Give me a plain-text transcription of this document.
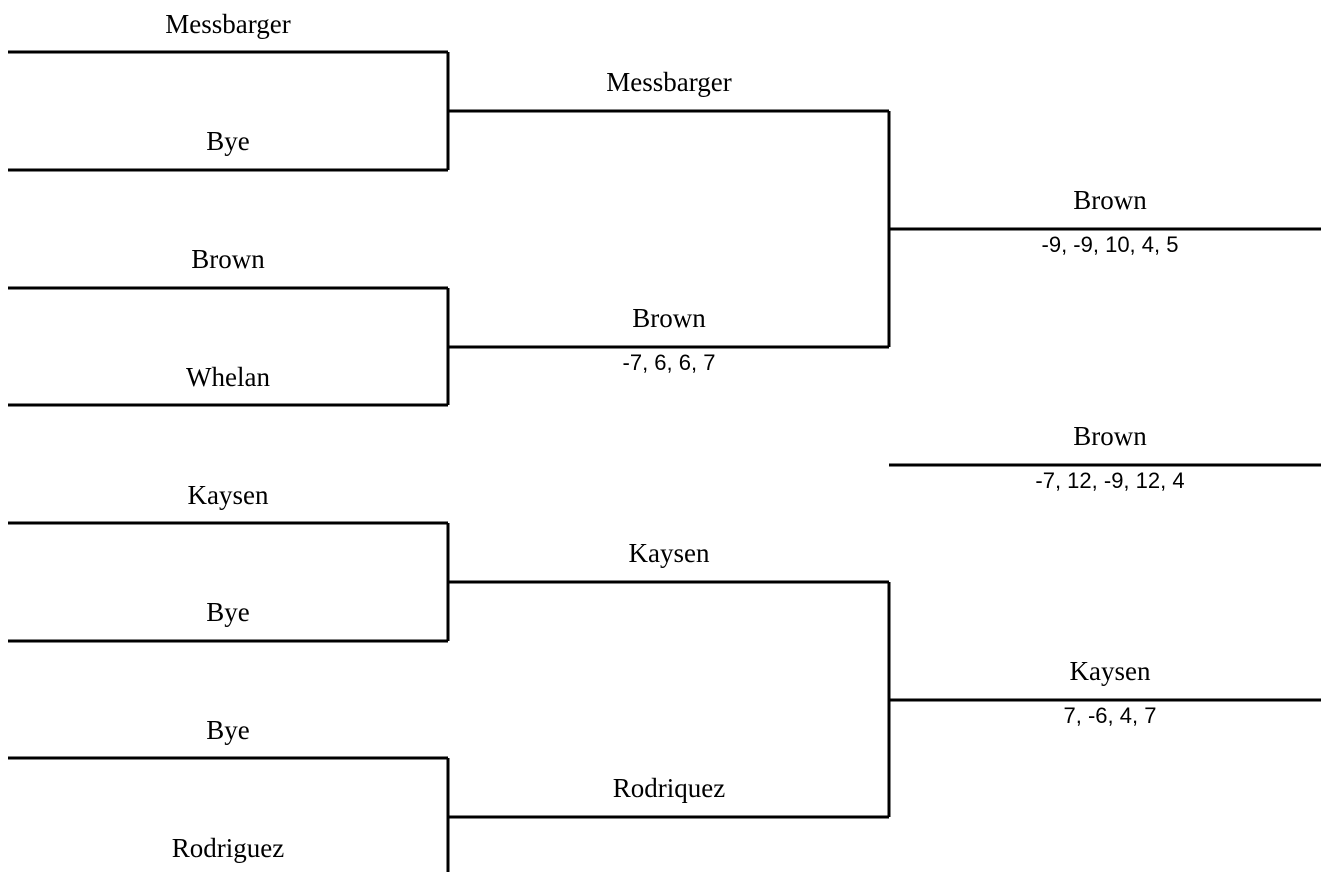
Messbarger
Bye
Brown
Whelan
Kaysen
Bye
Bye
Rodriguez
Messbarger
Brown
-7, 6, 6, 7
Kaysen
Rodriquez
Brown
-9, -9, 10, 4, 5
Brown
-7, 12, -9, 12, 4
Kaysen
7, -6, 4, 7
